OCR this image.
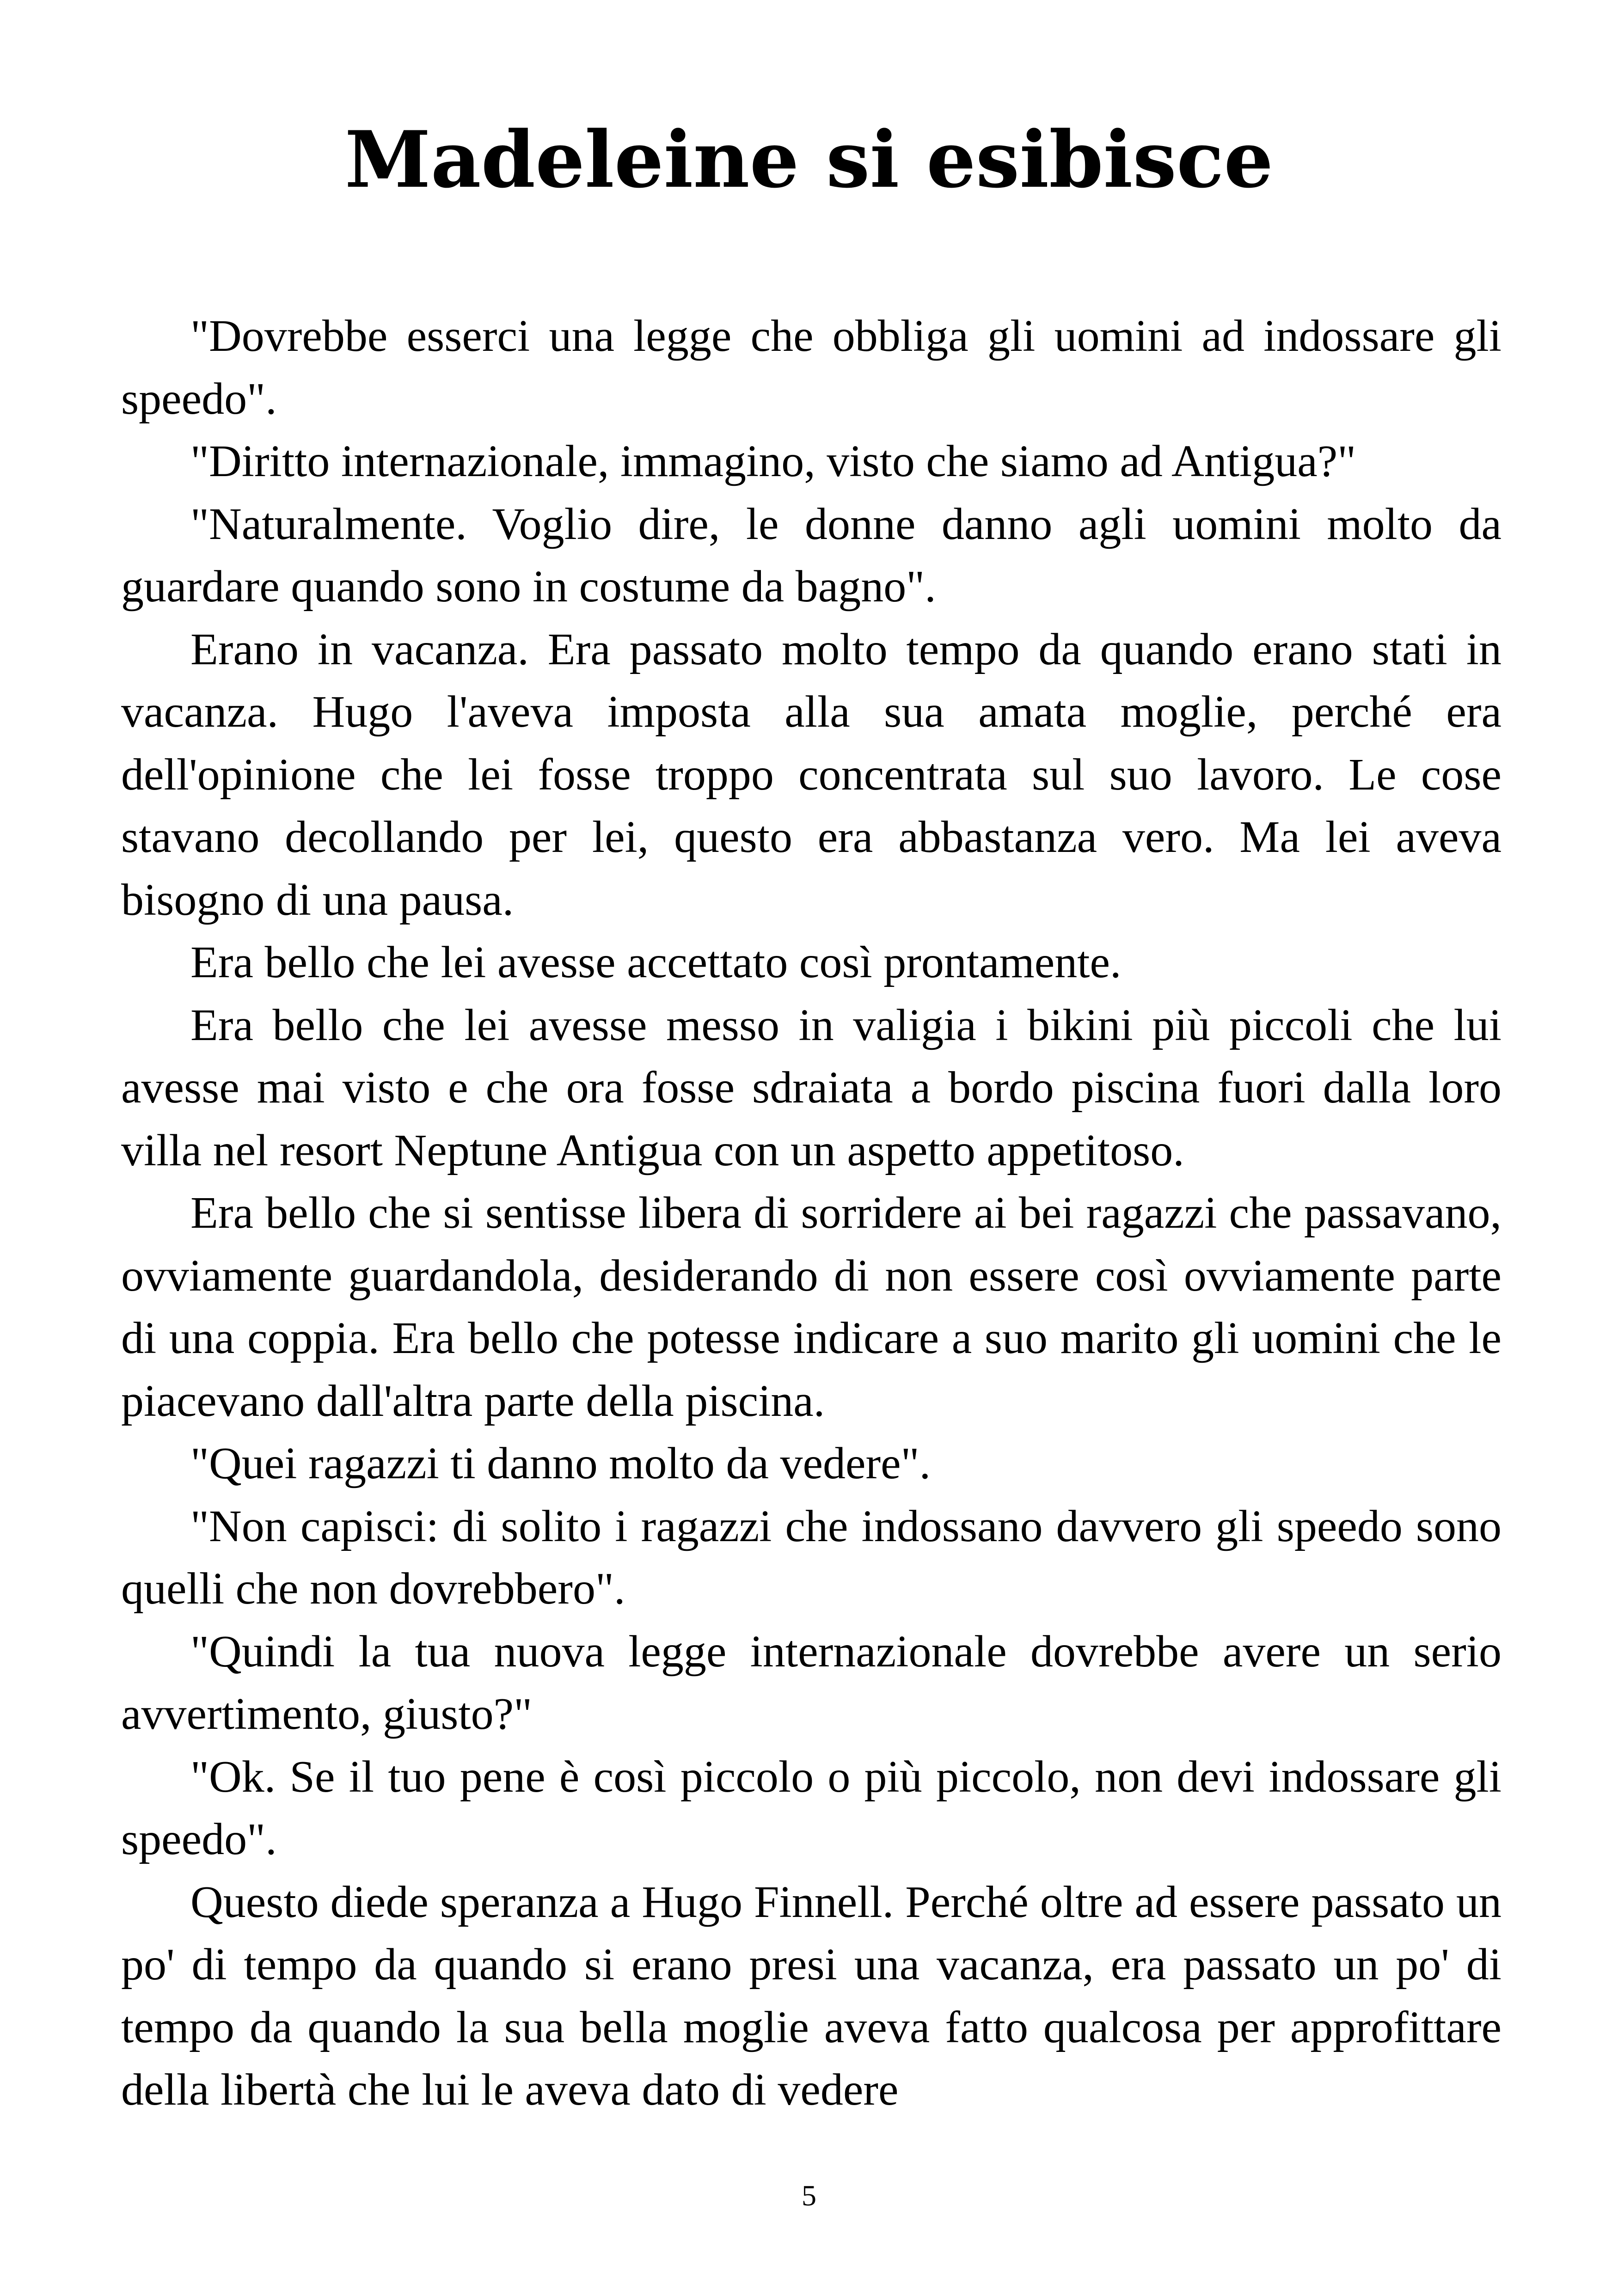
Madeleine si esibisce

"Dovrebbe esserci una legge che obbliga gli uomini ad indossare gli speedo".

"Diritto internazionale, immagino, visto che siamo ad Antigua?"

"Naturalmente. Voglio dire, le donne danno agli uomini molto da guardare quando sono in costume da bagno".

Erano in vacanza. Era passato molto tempo da quando erano stati in vacanza. Hugo l'aveva imposta alla sua amata moglie, perché era dell'opinione che lei fosse troppo concentrata sul suo lavoro. Le cose stavano decollando per lei, questo era abbastanza vero. Ma lei aveva bisogno di una pausa.

Era bello che lei avesse accettato così prontamente.

Era bello che lei avesse messo in valigia i bikini più piccoli che lui avesse mai visto e che ora fosse sdraiata a bordo piscina fuori dalla loro villa nel resort Neptune Antigua con un aspetto appetitoso.

Era bello che si sentisse libera di sorridere ai bei ragazzi che passavano, ovviamente guardandola, desiderando di non essere così ovviamente parte di una coppia. Era bello che potesse indicare a suo marito gli uomini che le piacevano dall'altra parte della piscina.

"Quei ragazzi ti danno molto da vedere".

"Non capisci: di solito i ragazzi che indossano davvero gli speedo sono quelli che non dovrebbero".

"Quindi la tua nuova legge internazionale dovrebbe avere un serio avvertimento, giusto?"

"Ok. Se il tuo pene è così piccolo o più piccolo, non devi indossare gli speedo".

Questo diede speranza a Hugo Finnell. Perché oltre ad essere passato un po' di tempo da quando si erano presi una vacanza, era passato un po' di tempo da quando la sua bella moglie aveva fatto qualcosa per approfittare della libertà che lui le aveva dato di vedere

5
